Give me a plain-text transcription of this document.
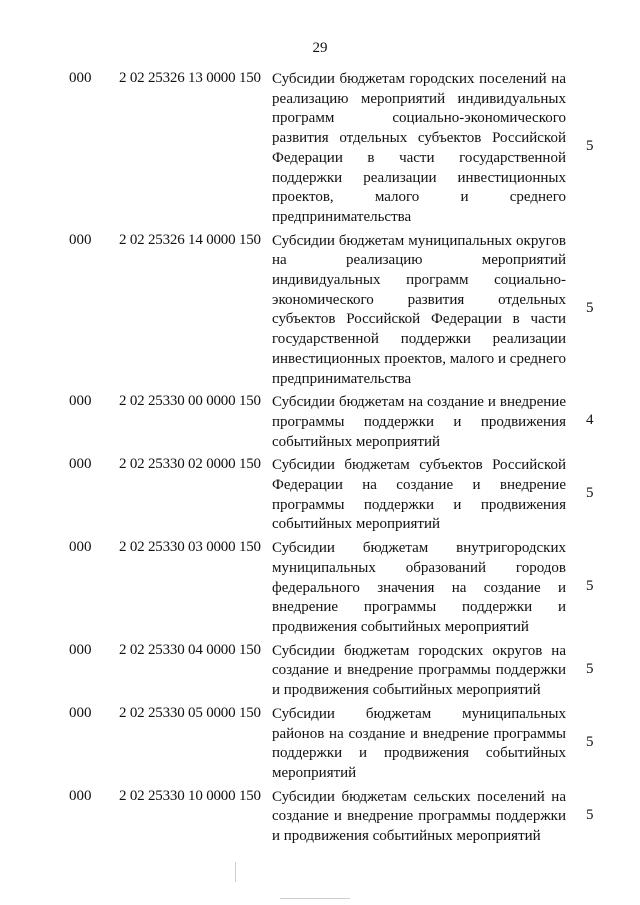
29
000 2 02 25326 13 0000 150 Субсидии бюджетам городских поселений на реализацию мероприятий индивидуальных программ социально-экономического развития отдельных субъектов Российской Федерации в части государственной поддержки реализации инвестиционных проектов, малого и среднего предпринимательства
5
000 2 02 25326 14 0000 150 Субсидии бюджетам муниципальных округов на реализацию мероприятий индивидуальных программ социально-экономического развития отдельных субъектов Российской Федерации в части государственной поддержки реализации инвестиционных проектов, малого и среднего предпринимательства
5
000 2 02 25330 00 0000 150 Субсидии бюджетам на создание и внедрение программы поддержки и продвижения событийных мероприятий
4
000 2 02 25330 02 0000 150 Субсидии бюджетам субъектов Российской Федерации на создание и внедрение программы поддержки и продвижения событийных мероприятий
5
000 2 02 25330 03 0000 150 Субсидии бюджетам внутригородских муниципальных образований городов федерального значения на создание и внедрение программы поддержки и продвижения событийных мероприятий
5
000 2 02 25330 04 0000 150 Субсидии бюджетам городских округов на создание и внедрение программы поддержки и продвижения событийных мероприятий
5
000 2 02 25330 05 0000 150 Субсидии бюджетам муниципальных районов на создание и внедрение программы поддержки и продвижения событийных мероприятий
5
000 2 02 25330 10 0000 150 Субсидии бюджетам сельских поселений на создание и внедрение программы поддержки и продвижения событийных мероприятий
5
